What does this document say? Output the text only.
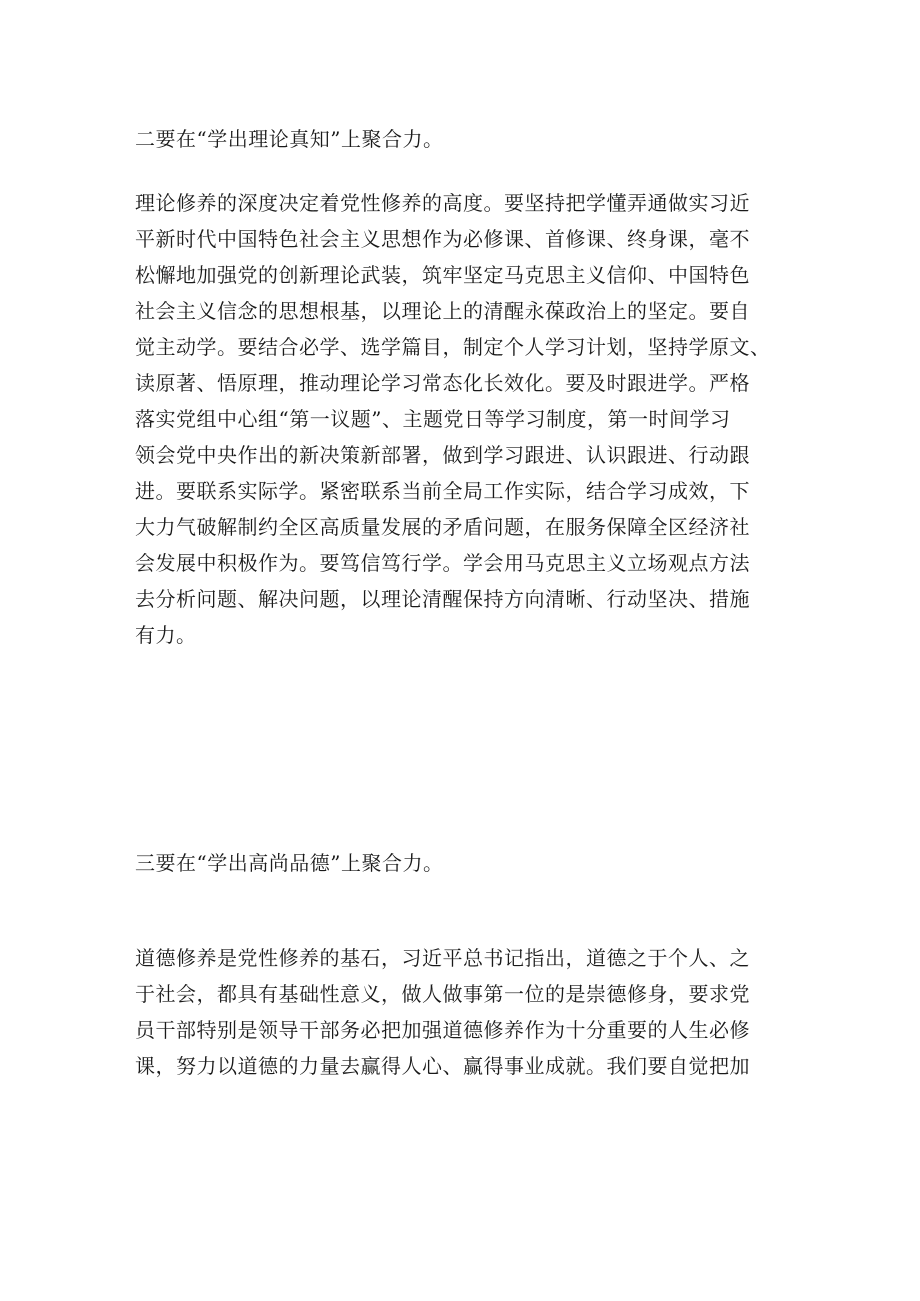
二要在“学出理论真知”上聚合力。

理论修养的深度决定着党性修养的高度。要坚持把学懂弄通做实习近
平新时代中国特色社会主义思想作为必修课、首修课、终身课，毫不
松懈地加强党的创新理论武装，筑牢坚定马克思主义信仰、中国特色
社会主义信念的思想根基，以理论上的清醒永葆政治上的坚定。要自
觉主动学。要结合必学、选学篇目，制定个人学习计划，坚持学原文、
读原著、悟原理，推动理论学习常态化长效化。要及时跟进学。严格
落实党组中心组“第一议题”、主题党日等学习制度，第一时间学习
领会党中央作出的新决策新部署，做到学习跟进、认识跟进、行动跟
进。要联系实际学。紧密联系当前全局工作实际，结合学习成效，下
大力气破解制约全区高质量发展的矛盾问题，在服务保障全区经济社
会发展中积极作为。要笃信笃行学。学会用马克思主义立场观点方法
去分析问题、解决问题，以理论清醒保持方向清晰、行动坚决、措施
有力。

三要在“学出高尚品德”上聚合力。

道德修养是党性修养的基石，习近平总书记指出，道德之于个人、之
于社会，都具有基础性意义，做人做事第一位的是崇德修身，要求党
员干部特别是领导干部务必把加强道德修养作为十分重要的人生必修
课，努力以道德的力量去赢得人心、赢得事业成就。我们要自觉把加
